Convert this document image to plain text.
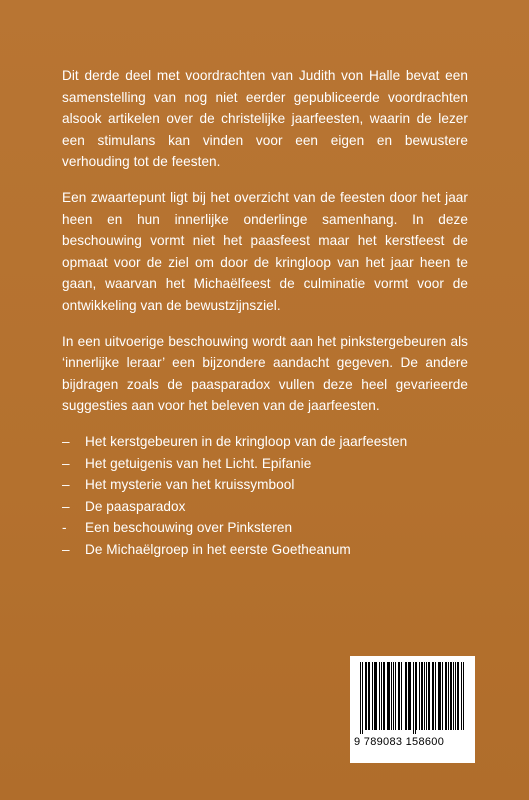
Dit derde deel met voordrachten van Judith von Halle bevat een samenstelling van nog niet eerder gepubliceerde voordrachten alsook artikelen over de christelijke jaarfeesten, waarin de lezer een stimulans kan vinden voor een eigen en bewustere verhouding tot de feesten.

Een zwaartepunt ligt bij het overzicht van de feesten door het jaar heen en hun innerlijke onderlinge samenhang. In deze beschouwing vormt niet het paasfeest maar het kerstfeest de opmaat voor de ziel om door de kringloop van het jaar heen te gaan, waarvan het Michaëlfeest de culminatie vormt voor de ontwikkeling van de bewustzijnsziel.

In een uitvoerige beschouwing wordt aan het pinkstergebeuren als ‘innerlijke leraar’ een bijzondere aandacht gegeven. De andere bijdragen zoals de paasparadox vullen deze heel gevarieerde suggesties aan voor het beleven van de jaarfeesten.

– Het kerstgebeuren in de kringloop van de jaarfeesten
– Het getuigenis van het Licht. Epifanie
– Het mysterie van het kruissymbool
– De paasparadox
- Een beschouwing over Pinksteren
– De Michaëlgroep in het eerste Goetheanum
9 789083 158600
